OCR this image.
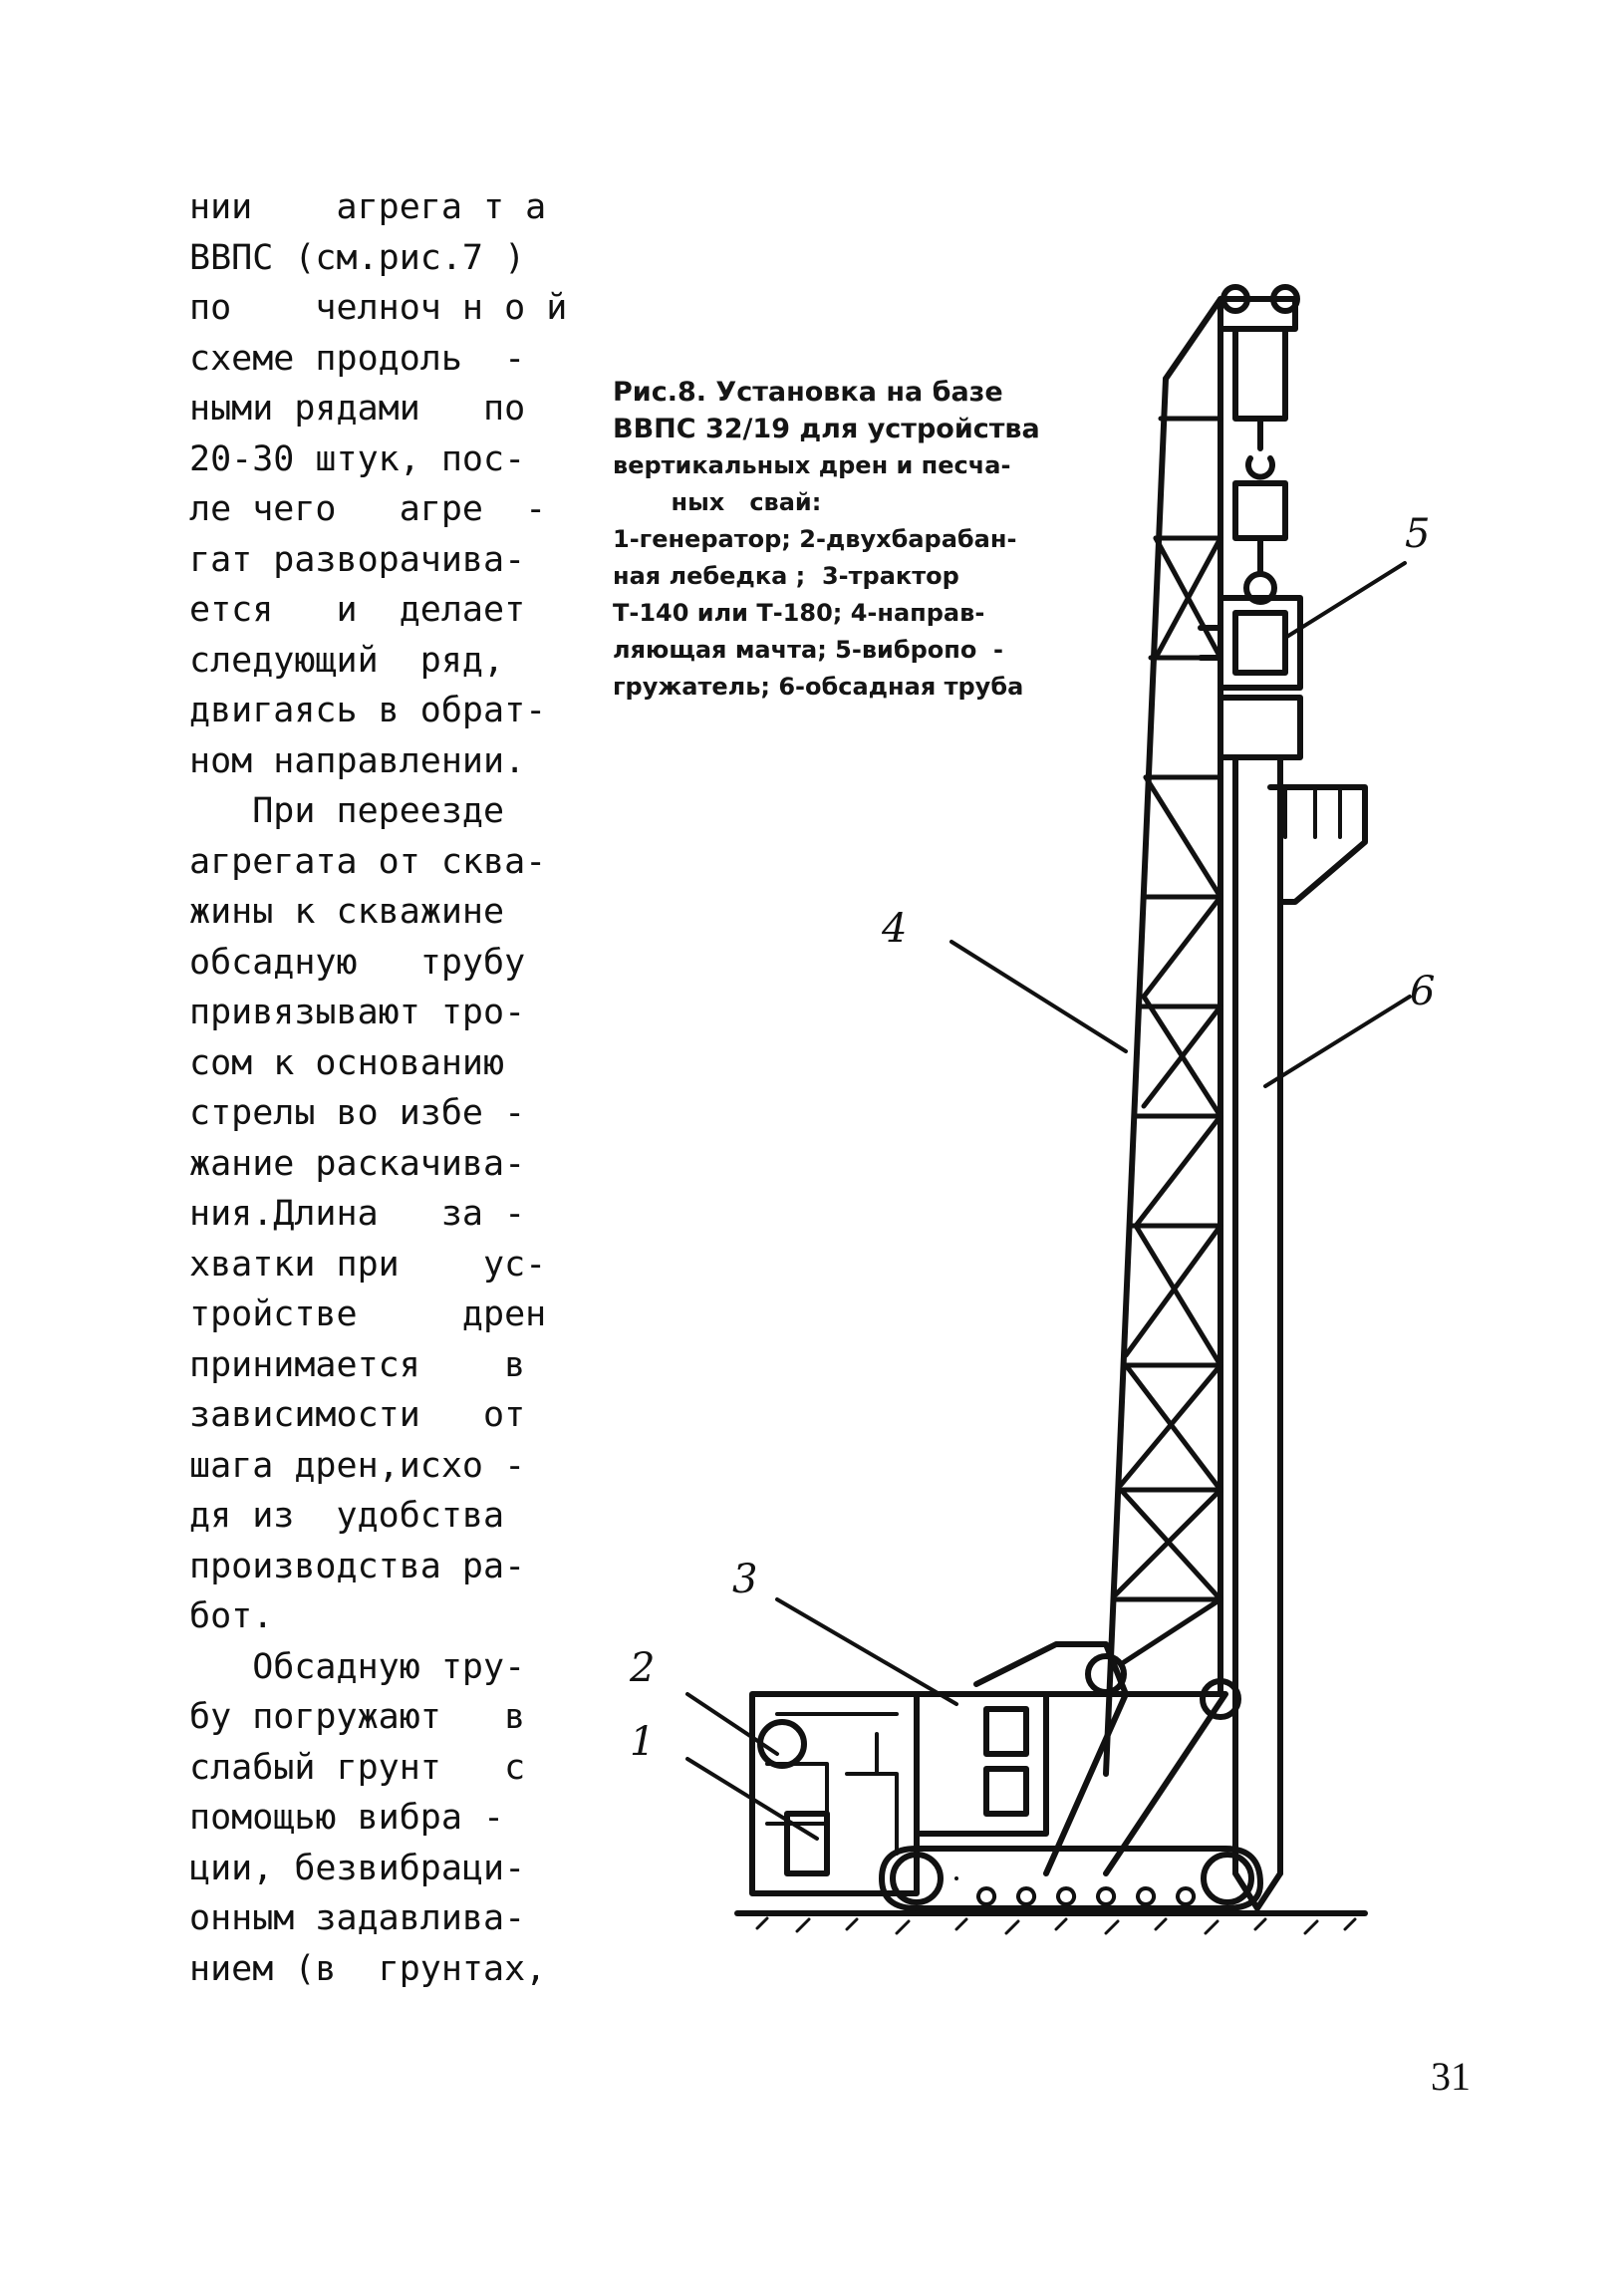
нии    агрега т а
ВВПС (см.рис.7 )
по    челноч н о й
схеме продоль  -
ными рядами   по
20-30 штук, пос-
ле чего   агре  -
гат разворачива-
ется   и  делает
следующий  ряд,
двигаясь в обрат-
ном направлении.
При переезде
агрегата от сква-
жины к скважине
обсадную   трубу
привязывают тро-
сом к основанию
стрелы во избе -
жание раскачива-
ния.Длина   за -
хватки при    ус-
тройстве     дрен
принимается    в
зависимости   от
шага дрен,исхо -
дя из  удобства
производства ра-
бот.
Обсадную тру-
бу погружают   в
слабый грунт   с
помощью вибра -
ции, безвибраци-
онным задавлива-
нием (в  грунтах,
Рис.8. Установка на базе
ВВПС 32/19 для устройства
вертикальных дрен и песча-
ных   свай:
1-генератор; 2-двухбарабан-
ная лебедка ;  3-трактор
Т-140 или Т-180; 4-направ-
ляющая мачта; 5-вибропо  -
гружатель; 6-обсадная труба
1
2
3
4
5
6
31
